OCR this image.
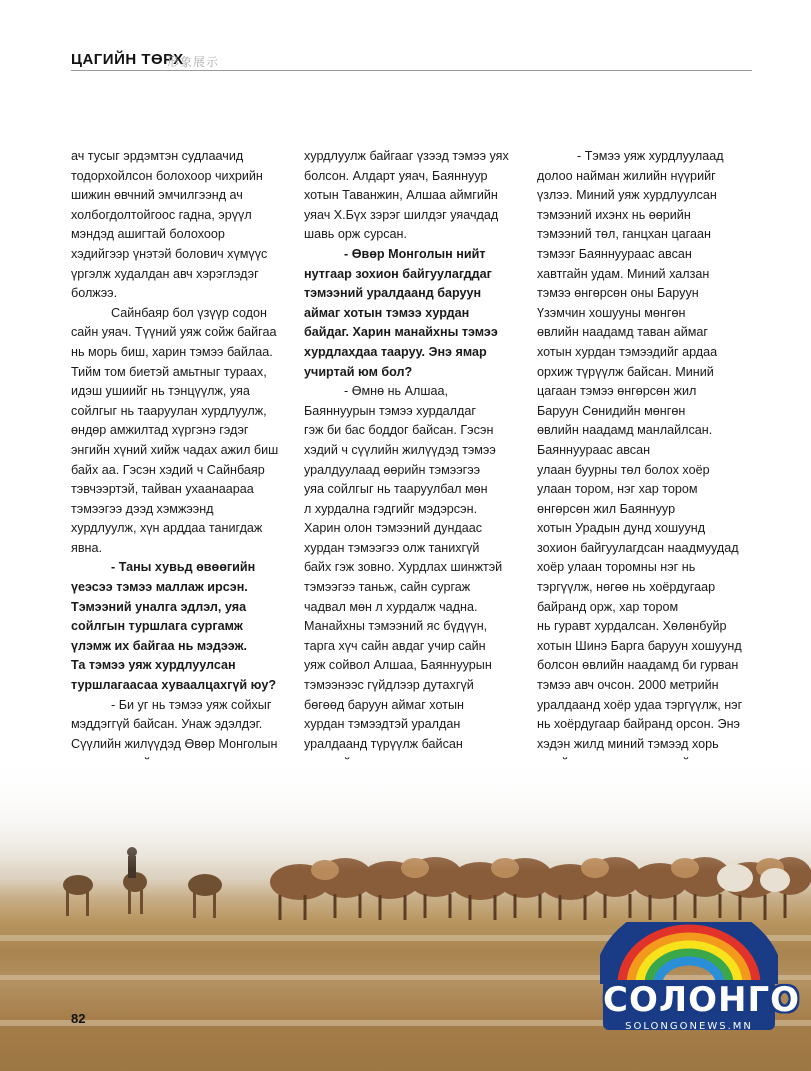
ЦАГИЙН ТӨРХ
形象展示

ач тусыг эрдэмтэн судлаачид

тодорхойлсон болохоор чихрийн

шижин өвчний эмчилгээнд ач

холбогдолтойгоос гадна, эрүүл

мэндэд ашигтай болохоор

хэдийгээр үнэтэй болович хүмүүс

үргэлж худалдан авч хэрэглэдэг

болжээ.

Сайнбаяр бол үзүүр содон

сайн уяач. Түүний уяж сойж байгаа

нь морь биш, харин тэмээ байлаа.

Тийм том биетэй амьтныг тураах,

идэш ушиийг нь тэнцүүлж, уяа

сойлгыг нь тааруулан хурдлуулж,

өндөр амжилтад хүргэнэ гэдэг

энгийн хүний хийж чадах ажил биш

байх аа. Гэсэн хэдий ч Сайнбаяр

тэвчээртэй, тайван ухаанаараа

тэмээгээ дээд хэмжээнд

хурдлуулж, хүн арддаа танигдаж

явна.

- Таны хувьд өвөөгийн

үеэсээ тэмээ маллаж ирсэн.

Тэмээний уналга эдлэл, уяа

сойлгын туршлага сургамж

үлэмж их байгаа нь мэдээж.

Та тэмээ уяж хурдлуулсан

туршлагаасаа хуваалцахгүй юу?

- Би уг нь тэмээ уяж сойхыг

мэддэггүй байсан. Унаж эдэлдэг.

Сүүлийн жилүүдэд Өвөр Монголын

хурдлуулж байгааг үзээд тэмээ уях

болсон. Алдарт уяач, Баяннуур

хотын Таванжин, Алшаа аймгийн

уяач Х.Бүх зэрэг шилдэг уяачдад

шавь орж сурсан.

- Өвөр Монголын нийт

нутгаар зохион байгуулагддаг

тэмээний уралдаанд баруун

аймаг хотын тэмээ хурдан

байдаг. Харин манайхны тэмээ

хурдлахдаа тааруу. Энэ ямар

учиртай юм бол?

- Өмнө нь Алшаа,

Баяннуурын тэмээ хурдалдаг

гэж би бас боддог байсан. Гэсэн

хэдий ч сүүлийн жилүүдэд тэмээ

уралдуулаад өөрийн тэмээгээ

уяа сойлгыг нь тааруулбал мөн

л хурдална гэдгийг мэдэрсэн.

Харин олон тэмээний дундаас

хурдан тэмээгээ олж танихгүй

байх гэж зовно. Хурдлах шинжтэй

тэмээгээ таньж, сайн сургаж

чадвал мөн л хурдалж чадна.

Манайхны тэмээний яс бүдүүн,

тарга хүч сайн авдаг учир сайн

уяж сойвол Алшаа, Баяннуурын

тэмээнээс гүйдлээр дутахгүй

бөгөөд баруун аймаг хотын

хурдан тэмээдтэй уралдан

уралдаанд түрүүлж байсан

- Тэмээ уяж хурдлуулаад

долоо найман жилийн нүүрийг

үзлээ. Миний уяж хурдлуулсан

тэмээний ихэнх нь өөрийн

тэмээний төл, ганцхан цагаан

тэмээг Баяннуураас авсан

хавтгайн удам. Миний халзан

тэмээ өнгөрсөн оны Баруун

Үзэмчин хошууны мөнгөн

өвлийн наадамд таван аймаг

хотын хурдан тэмээдийг ардаа

орхиж түрүүлж байсан. Миний

цагаан тэмээ өнгөрсөн жил

Баруун Сөнидийн мөнгөн

өвлийн наадамд манлайлсан.

Баяннуураас авсан

улаан буурны төл болох хоёр

улаан тором, нэг хар тором

өнгөрсөн жил Баяннуур

хотын Урадын дунд хошуунд

зохион байгуулагдсан наадмуудад

хоёр улаан торомны нэг нь

тэргүүлж, нөгөө нь хоёрдугаар

байранд орж, хар тором

нь гуравт хурдалсан. Хөлөнбуйр

хотын Шинэ Барга баруун хошуунд

болсон өвлийн наадамд би гурван

тэмээ авч очсон. 2000 метрийн

уралдаанд хоёр удаа тэргүүлж, нэг

нь хоёрдугаар байранд орсон. Энэ

хэдэн жилд миний тэмээд хорь

82	СОЛОНГО
SOLONGONEWS.MN
